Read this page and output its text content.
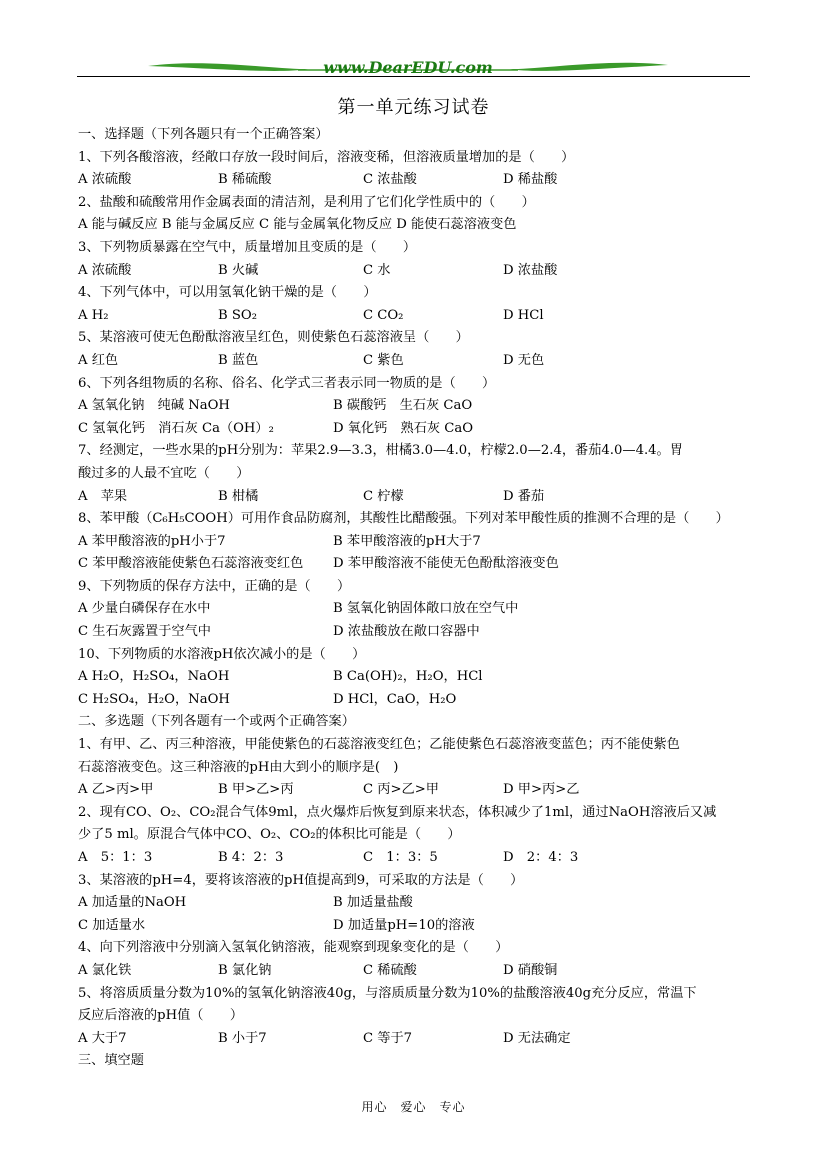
www.DearEDU.com
第一单元练习试卷
一、选择题（下列各题只有一个正确答案）
1、下列各酸溶液，经敞口存放一段时间后，溶液变稀，但溶液质量增加的是（　　）
A 浓硫酸	B 稀硫酸	C 浓盐酸	D 稀盐酸
2、盐酸和硫酸常用作金属表面的清洁剂，是利用了它们化学性质中的（　　）
A 能与碱反应 B 能与金属反应 C 能与金属氧化物反应 D 能使石蕊溶液变色
3、下列物质暴露在空气中，质量增加且变质的是（　　）
A 浓硫酸	B 火碱	C 水	D 浓盐酸
4、下列气体中，可以用氢氧化钠干燥的是（　　）
A H₂	B SO₂	C CO₂	D HCl
5、某溶液可使无色酚酞溶液呈红色，则使紫色石蕊溶液呈（　　）
A 红色	B 蓝色	C 紫色	D 无色
6、下列各组物质的名称、俗名、化学式三者表示同一物质的是（　　）
A 氢氧化钠　纯碱 NaOH	B 碳酸钙　生石灰 CaO
C 氢氧化钙　消石灰 Ca（OH）₂	D 氧化钙　熟石灰 CaO
7、经测定，一些水果的pH分别为：苹果2.9—3.3，柑橘3.0—4.0，柠檬2.0—2.4，番茄4.0—4.4。胃
酸过多的人最不宜吃（　　）
A　苹果	B 柑橘	C 柠檬	D 番茄
8、苯甲酸（C₆H₅COOH）可用作食品防腐剂，其酸性比醋酸强。下列对苯甲酸性质的推测不合理的是（　　）
A 苯甲酸溶液的pH小于7	B 苯甲酸溶液的pH大于7
C 苯甲酸溶液能使紫色石蕊溶液变红色 D 苯甲酸溶液不能使无色酚酞溶液变色
9、下列物质的保存方法中，正确的是（　　）
A 少量白磷保存在水中	B 氢氧化钠固体敞口放在空气中
C 生石灰露置于空气中	D 浓盐酸放在敞口容器中
10、下列物质的水溶液pH依次减小的是（　　）
A H₂O，H₂SO₄，NaOH	B Ca(OH)₂，H₂O，HCl
C H₂SO₄，H₂O，NaOH	D HCl，CaO，H₂O
二、多选题（下列各题有一个或两个正确答案）
1、有甲、乙、丙三种溶液，甲能使紫色的石蕊溶液变红色；乙能使紫色石蕊溶液变蓝色；丙不能使紫色
石蕊溶液变色。这三种溶液的pH由大到小的顺序是(　)
A 乙>丙>甲	B 甲>乙>丙	C 丙>乙>甲	D 甲>丙>乙
2、现有CO、O₂、CO₂混合气体9ml，点火爆炸后恢复到原来状态，体积减少了1ml，通过NaOH溶液后又减
少了5 ml。原混合气体中CO、O₂、CO₂的体积比可能是（　　）
A　5：1：3	B 4：2：3	C　1：3：5	D　2：4：3
3、某溶液的pH=4，要将该溶液的pH值提高到9，可采取的方法是（　　）
A 加适量的NaOH	B 加适量盐酸
C 加适量水	D 加适量pH=10的溶液
4、向下列溶液中分别滴入氢氧化钠溶液，能观察到现象变化的是（　　）
A 氯化铁	B 氯化钠	C 稀硫酸	D 硝酸铜
5、将溶质质量分数为10%的氢氧化钠溶液40g，与溶质质量分数为10%的盐酸溶液40g充分反应，常温下
反应后溶液的pH值（　　）
A 大于7	B 小于7	C 等于7	D 无法确定
三、填空题
用心　爱心　专心
